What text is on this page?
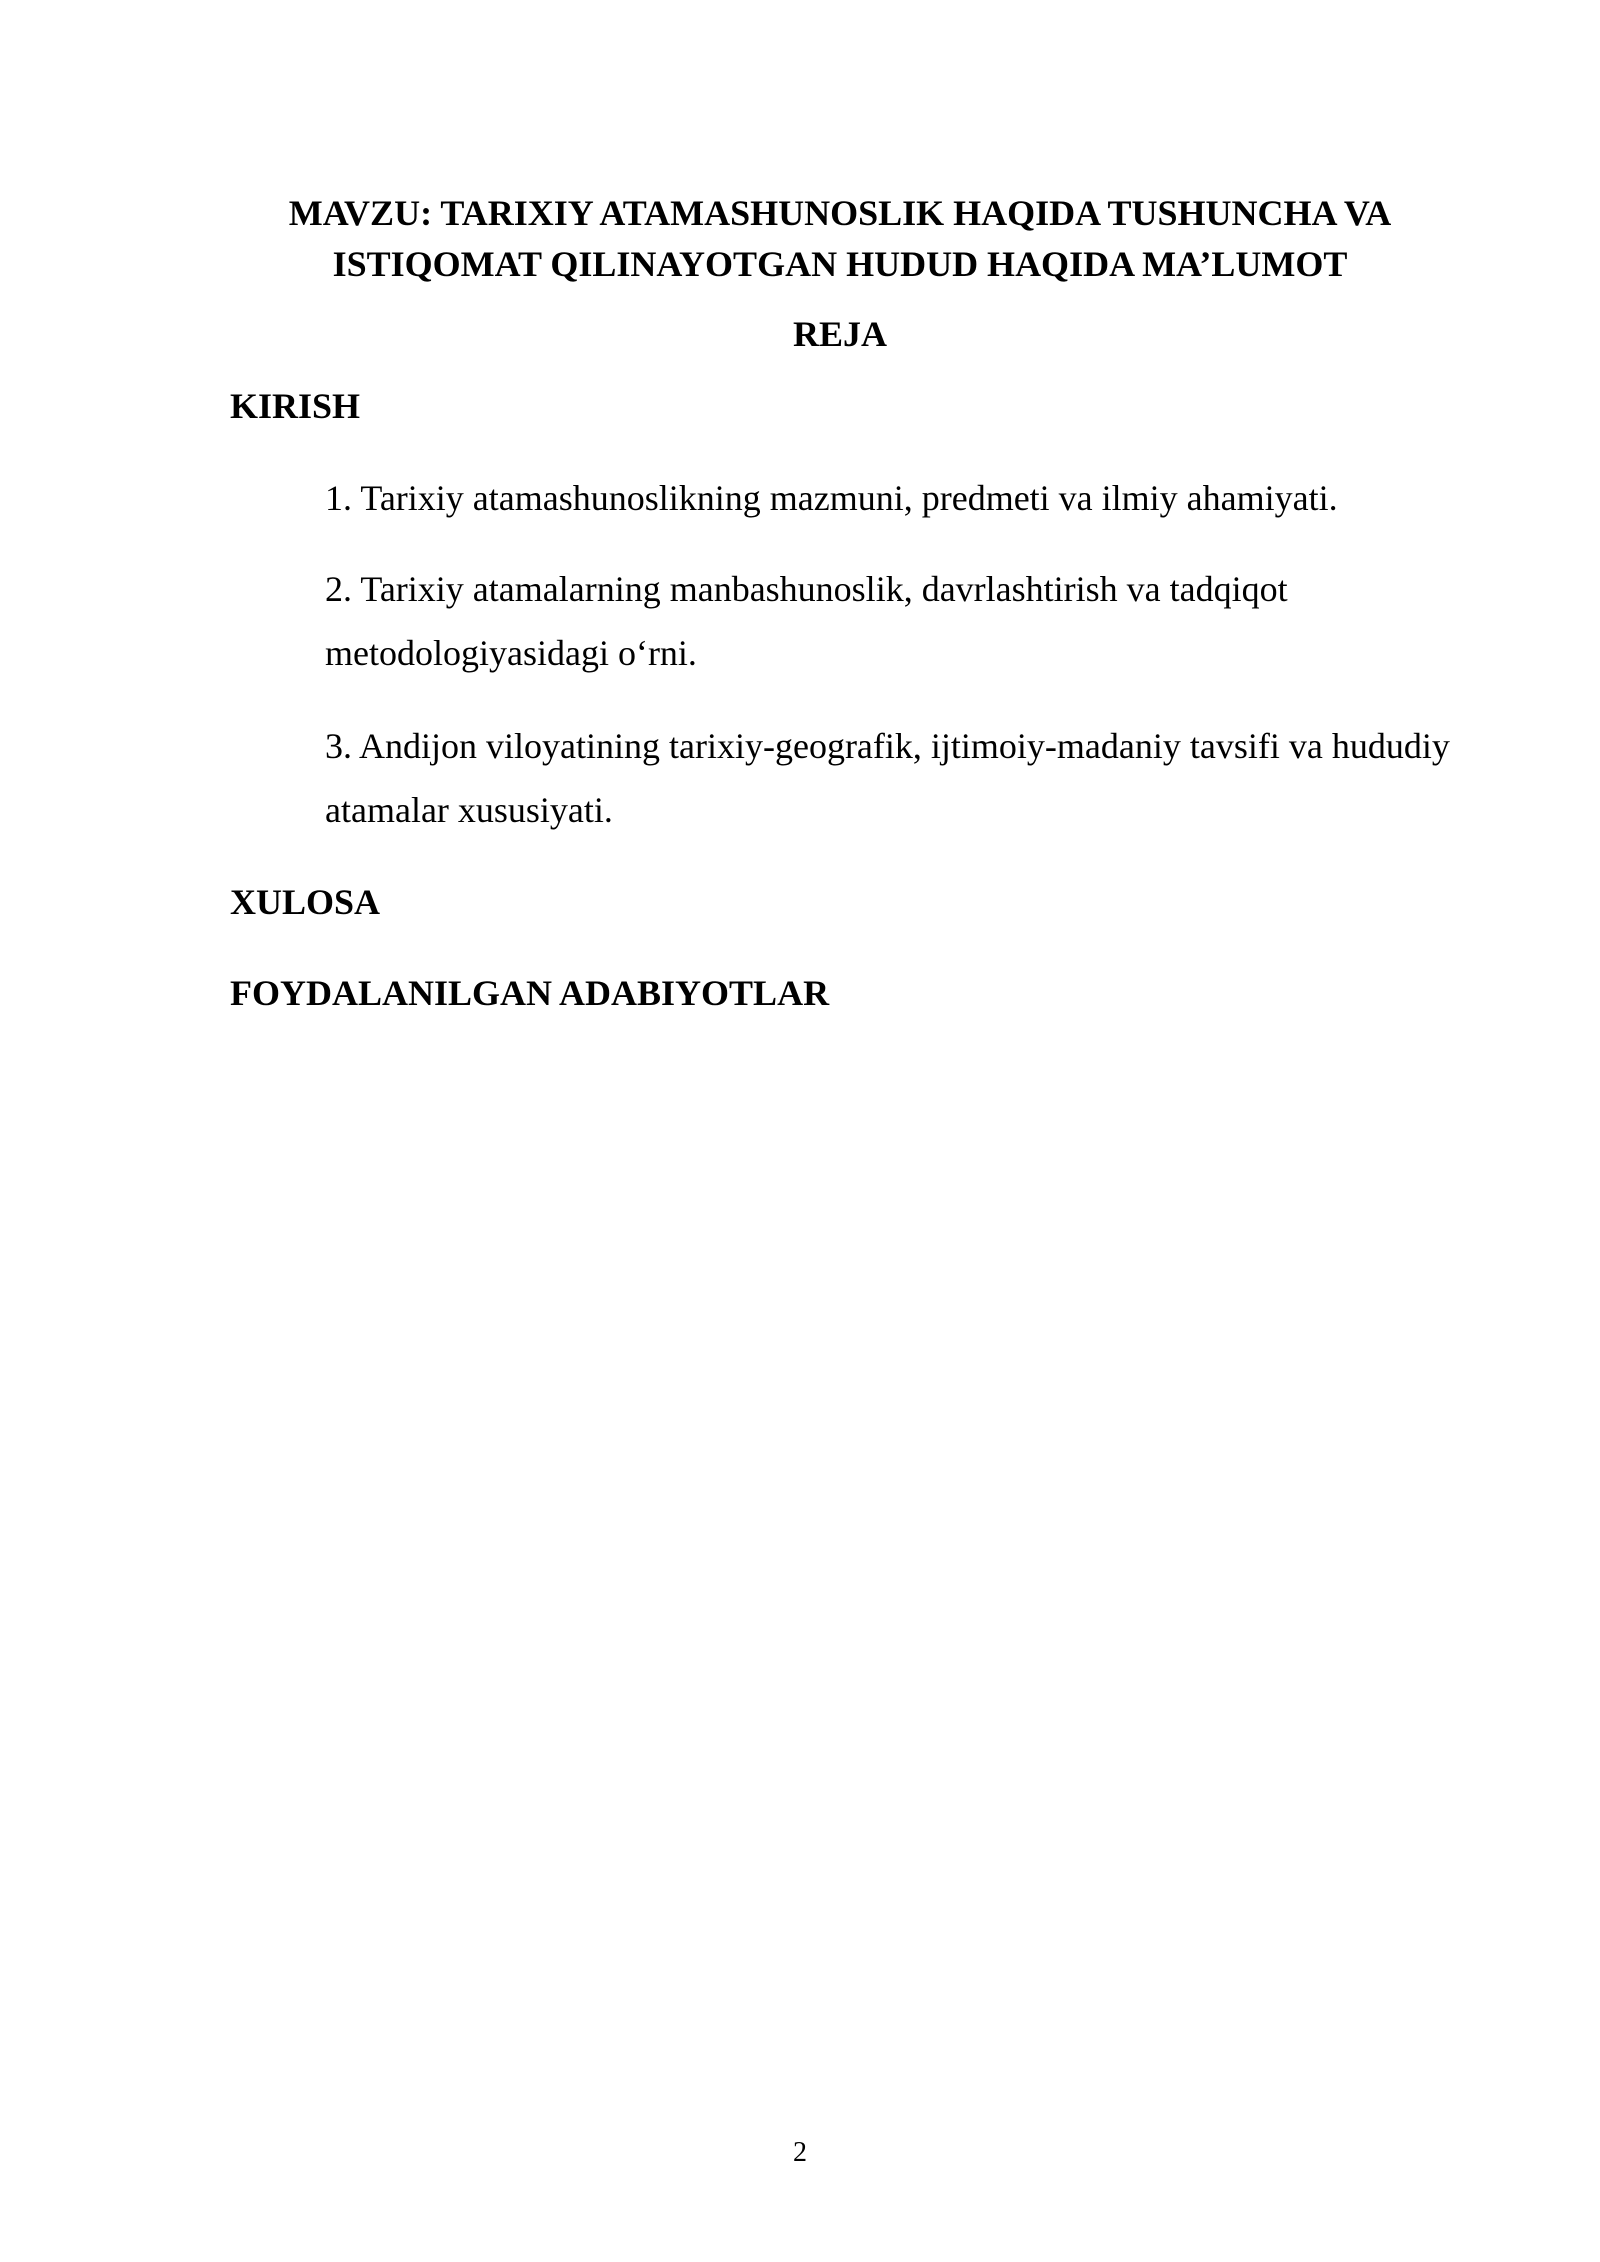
MAVZU: TARIXIY ATAMASHUNOSLIK HAQIDA TUSHUNCHA VA
ISTIQOMAT QILINAYOTGAN HUDUD HAQIDA MA’LUMOT
REJA
KIRISH

1. Tarixiy atamashunoslikning mazmuni, predmeti va ilmiy ahamiyati.

2. Tarixiy atamalarning manbashunoslik, davrlashtirish va tadqiqot metodologiyasidagi o‘rni.

3. Andijon viloyatining tarixiy-geografik, ijtimoiy-madaniy tavsifi va hududiy atamalar xususiyati.

XULOSA
FOYDALANILGAN ADABIYOTLAR
2
